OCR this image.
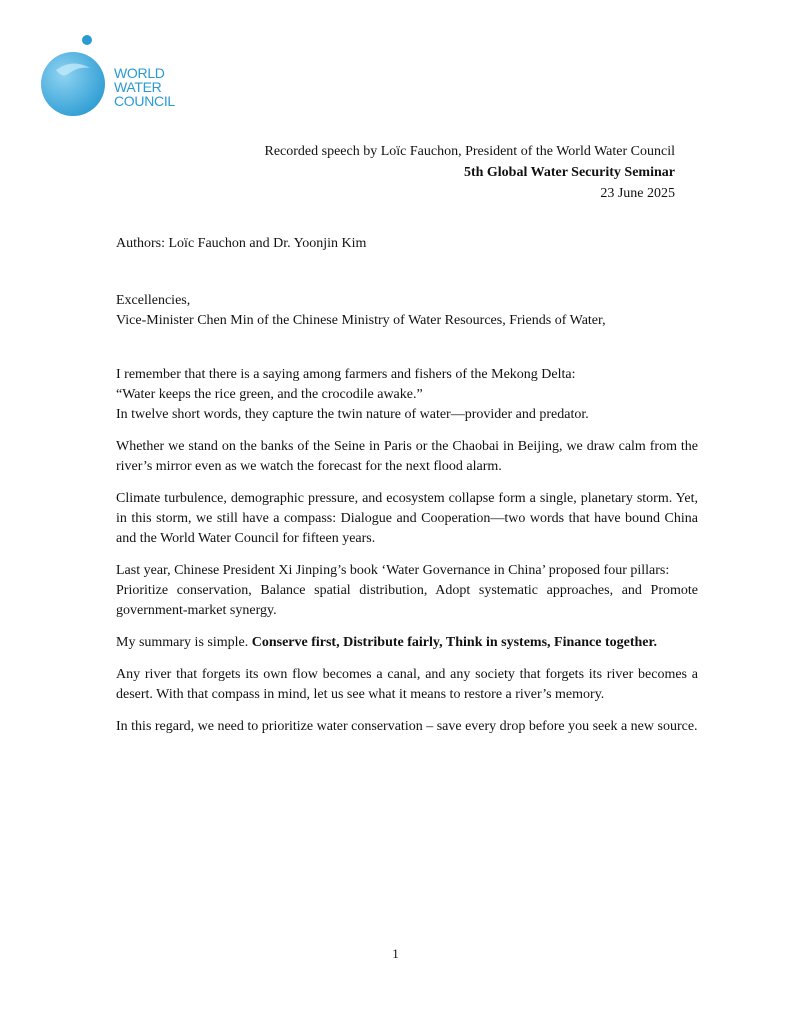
WORLD
WATER
COUNCIL
Recorded speech by Loïc Fauchon, President of the World Water Council
5th Global Water Security Seminar
23 June 2025

Authors: Loïc Fauchon and Dr. Yoonjin Kim

Excellencies,

Vice-Minister Chen Min of the Chinese Ministry of Water Resources, Friends of Water,

I remember that there is a saying among farmers and fishers of the Mekong Delta:

“Water keeps the rice green, and the crocodile awake.”

In twelve short words, they capture the twin nature of water—provider and predator.

Whether we stand on the banks of the Seine in Paris or the Chaobai in Beijing, we draw calm from the river’s mirror even as we watch the forecast for the next flood alarm.

Climate turbulence, demographic pressure, and ecosystem collapse form a single, planetary storm. Yet, in this storm, we still have a compass: Dialogue and Cooperation—two words that have bound China and the World Water Council for fifteen years.

Last year, Chinese President Xi Jinping’s book ‘Water Governance in China’ proposed four pillars:

Prioritize conservation, Balance spatial distribution, Adopt systematic approaches, and Promote government-market synergy.

My summary is simple. Conserve first, Distribute fairly, Think in systems, Finance together.

Any river that forgets its own flow becomes a canal, and any society that forgets its river becomes a desert. With that compass in mind, let us see what it means to restore a river’s memory.

In this regard, we need to prioritize water conservation – save every drop before you seek a new source.

1
